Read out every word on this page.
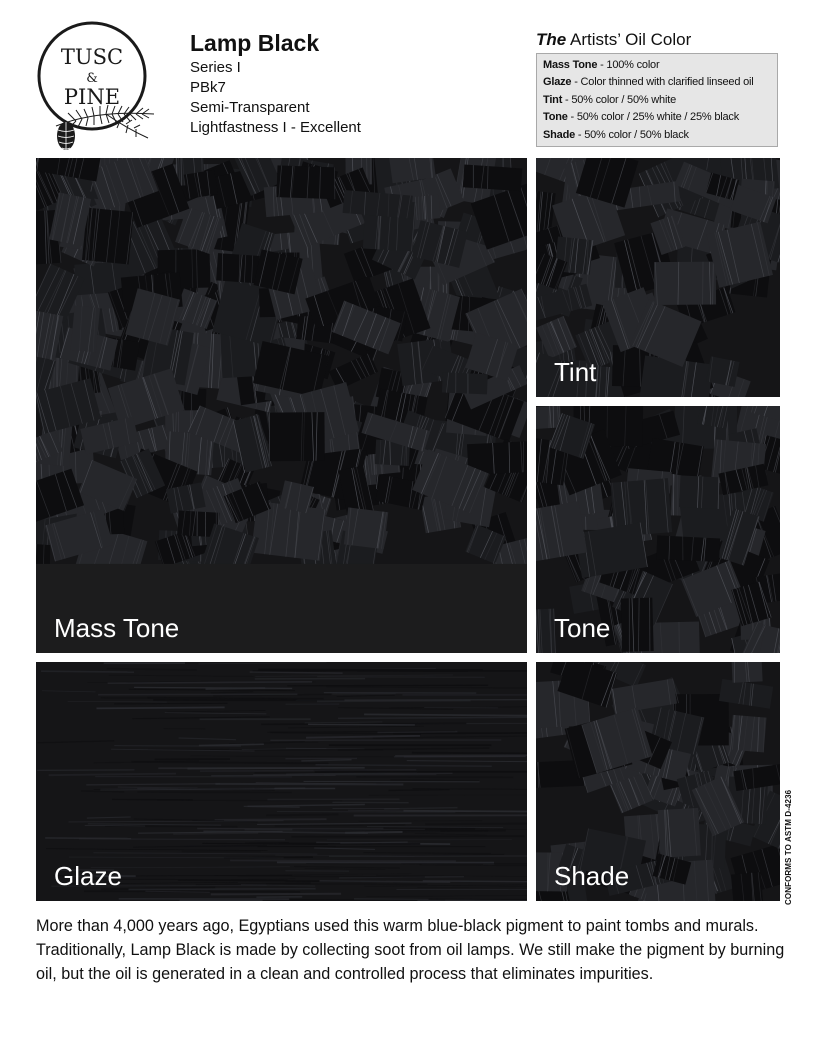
TUSC
&
PINE
Lamp Black
Series I
PBk7
Semi-Transparent
Lightfastness I - Excellent
The Artists’ Oil Color
Mass Tone - 100% color
Glaze - Color thinned with clarified linseed oil
Tint - 50% color / 50% white
Tone - 50% color / 25% white / 25% black
Shade - 50% color / 50% black
Mass Tone
Tint
Tone
Glaze	Shade	CONFORMS TO ASTM D-4236
More than 4,000 years ago, Egyptians used this warm blue-black pigment to paint tombs and murals. Traditionally, Lamp Black is made by collecting soot from oil lamps. We still make the pigment by burning oil, but the oil is generated in a clean and controlled process that eliminates impurities.
